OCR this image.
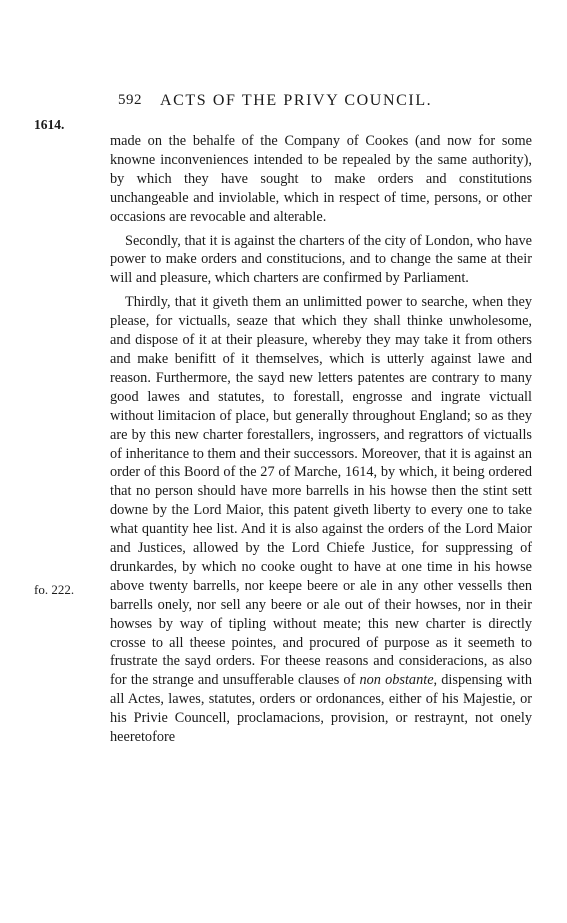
592 ACTS OF THE PRIVY COUNCIL.
1614.
fo. 222.

made on the behalfe of the Company of Cookes (and now for some knowne inconveniences intended to be repealed by the same authority), by which they have sought to make orders and constitutions unchangeable and inviolable, which in respect of time, persons, or other occasions are revocable and alterable.

Secondly, that it is against the charters of the city of London, who have power to make orders and constitucions, and to change the same at their will and pleasure, which charters are confirmed by Parliament.

Thirdly, that it giveth them an unlimitted power to searche, when they please, for victualls, seaze that which they shall thinke unwholesome, and dispose of it at their pleasure, whereby they may take it from others and make benifitt of it themselves, which is utterly against lawe and reason. Furthermore, the sayd new letters patentes are contrary to many good lawes and statutes, to forestall, engrosse and ingrate victuall without limitacion of place, but generally throughout England; so as they are by this new charter forestallers, ingrossers, and regrattors of victualls of inheritance to them and their successors. Moreover, that it is against an order of this Boord of the 27 of Marche, 1614, by which, it being ordered that no person should have more barrells in his howse then the stint sett downe by the Lord Maior, this patent giveth liberty to every one to take what quantity hee list. And it is also against the orders of the Lord Maior and Justices, allowed by the Lord Chiefe Justice, for suppressing of drunkardes, by which no cooke ought to have at one time in his howse above twenty barrells, nor keepe beere or ale in any other vessells then barrells onely, nor sell any beere or ale out of their howses, nor in their howses by way of tipling without meate; this new charter is directly crosse to all theese pointes, and procured of purpose as it seemeth to frustrate the sayd orders. For theese reasons and consideracions, as also for the strange and unsufferable clauses of non obstante, dispensing with all Actes, lawes, statutes, orders or ordonances, either of his Majestie, or his Privie Councell, proclamacions, provision, or restraynt, not onely heeretofore
